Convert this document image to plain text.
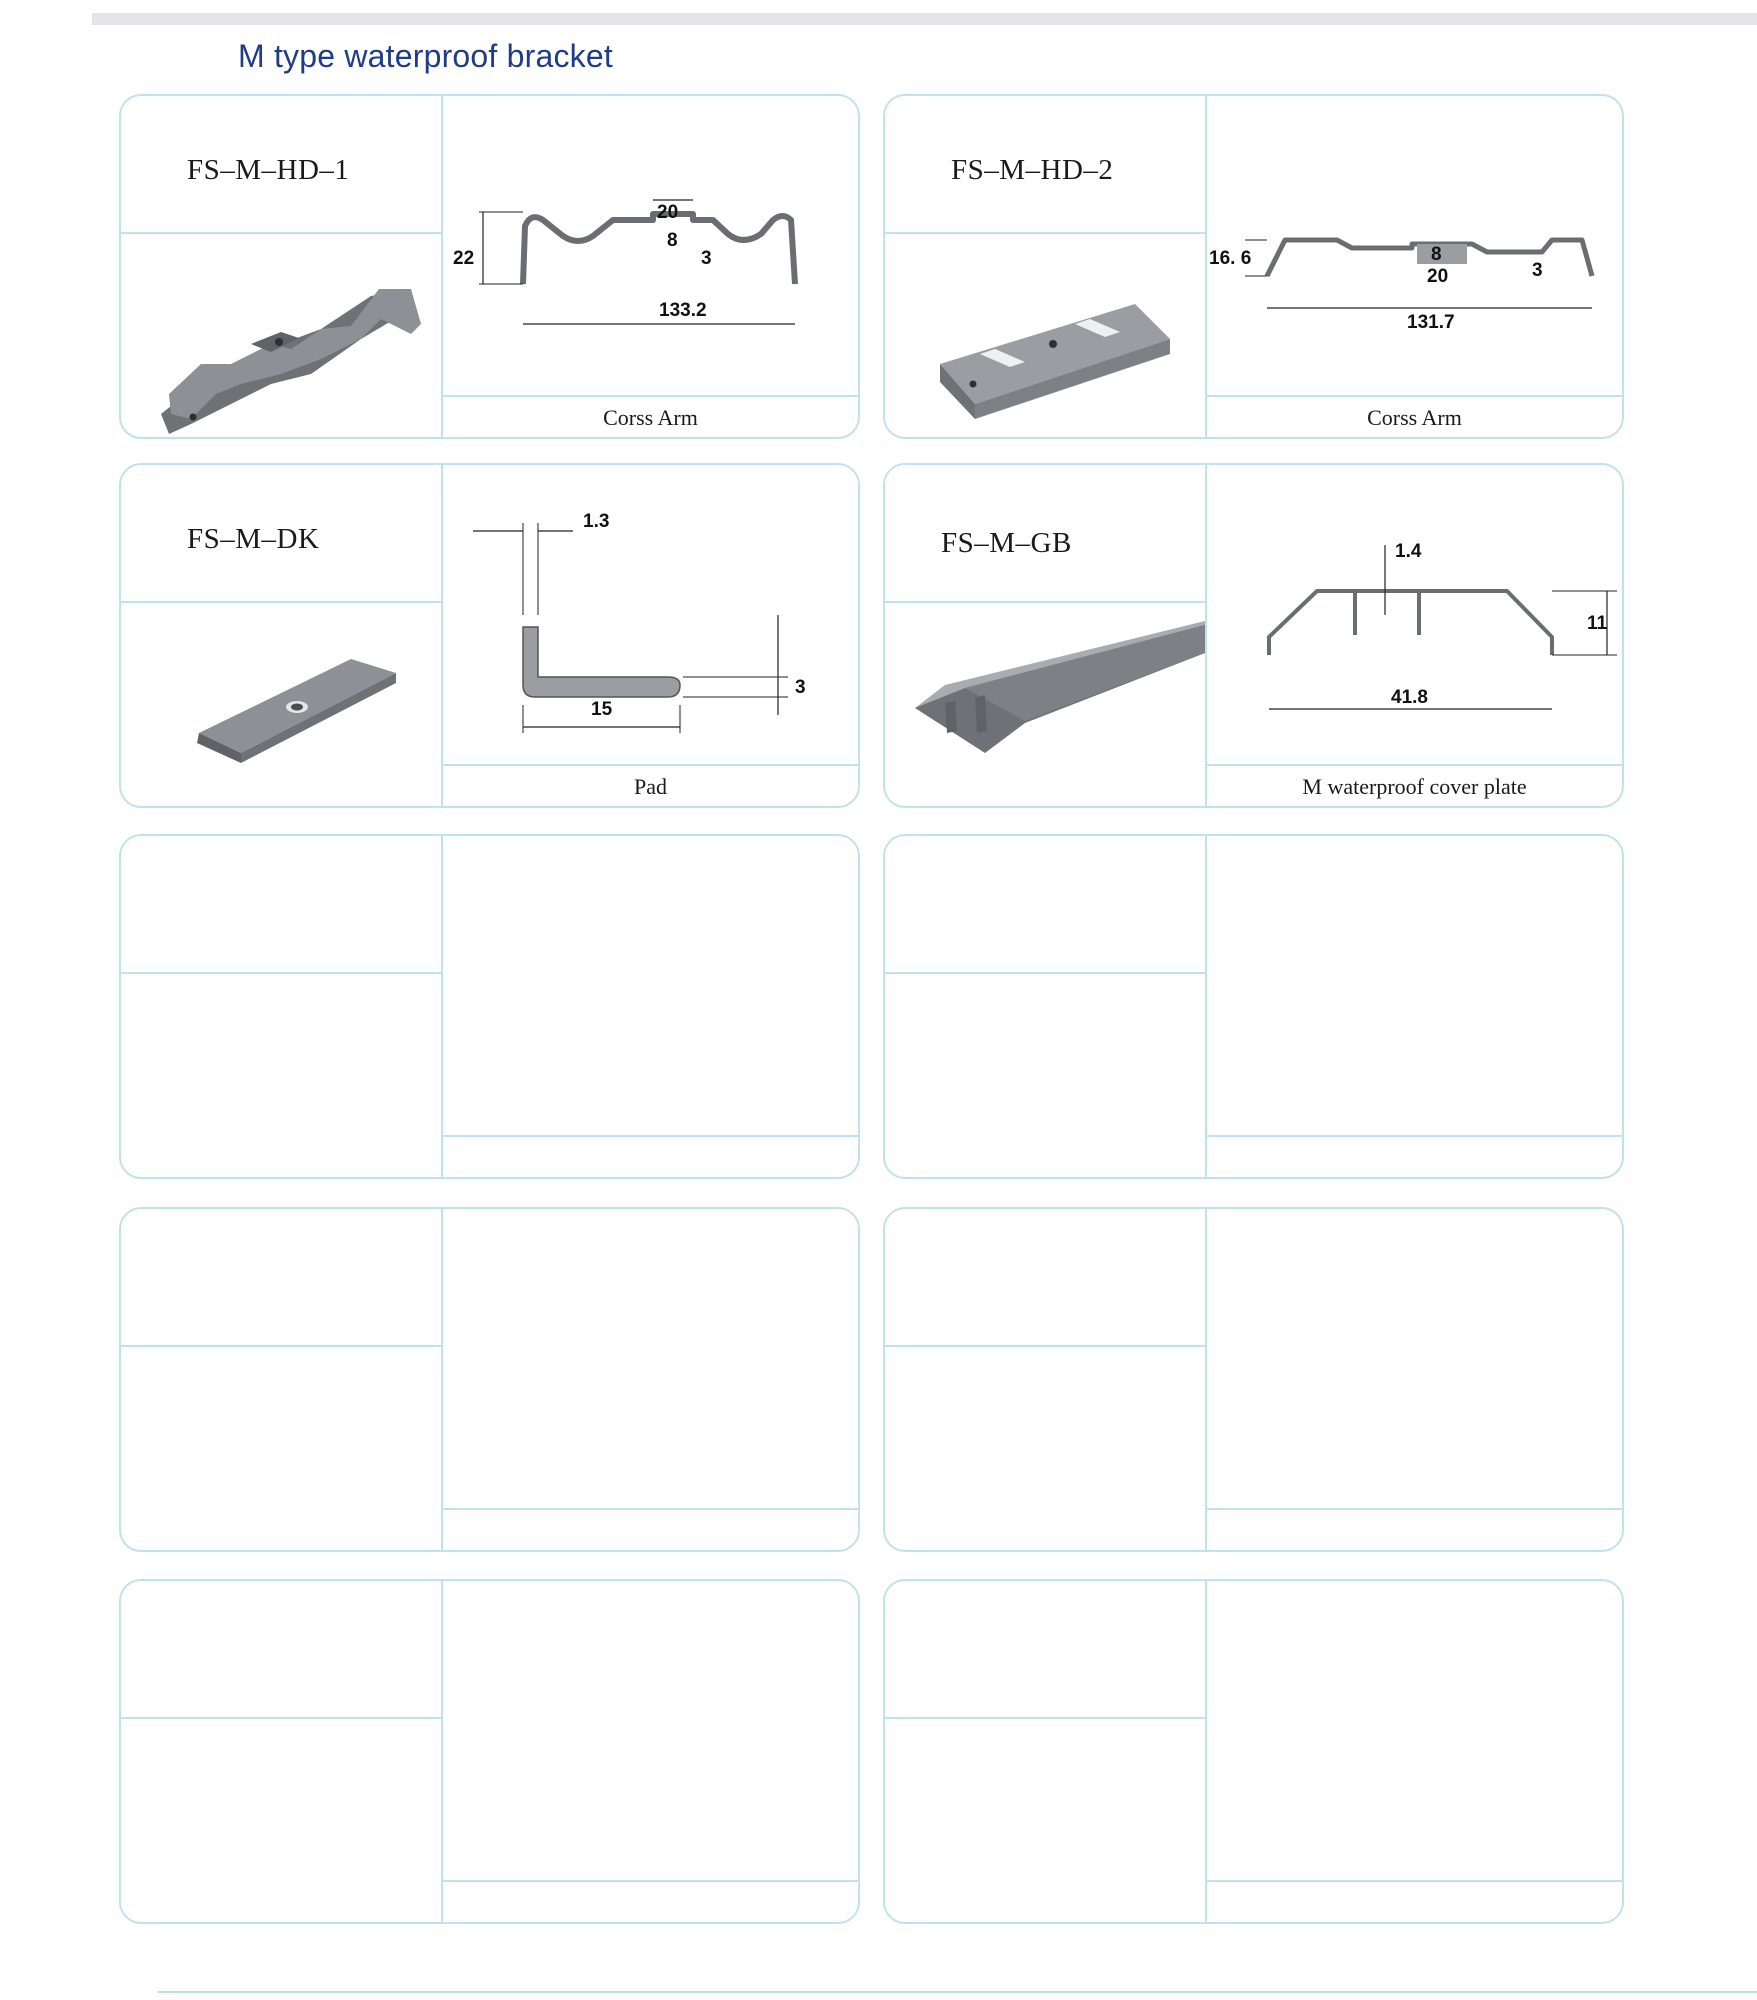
M type waterproof bracket
FS–M–HD–1
22
20
8
3
133.2
Corss Arm
FS–M–HD–2
16. 6	8
20	3
131.7
Corss Arm
FS–M–DK
1.3
3
15
Pad
FS–M–GB	1.4
11
41.8
M waterproof cover plate
